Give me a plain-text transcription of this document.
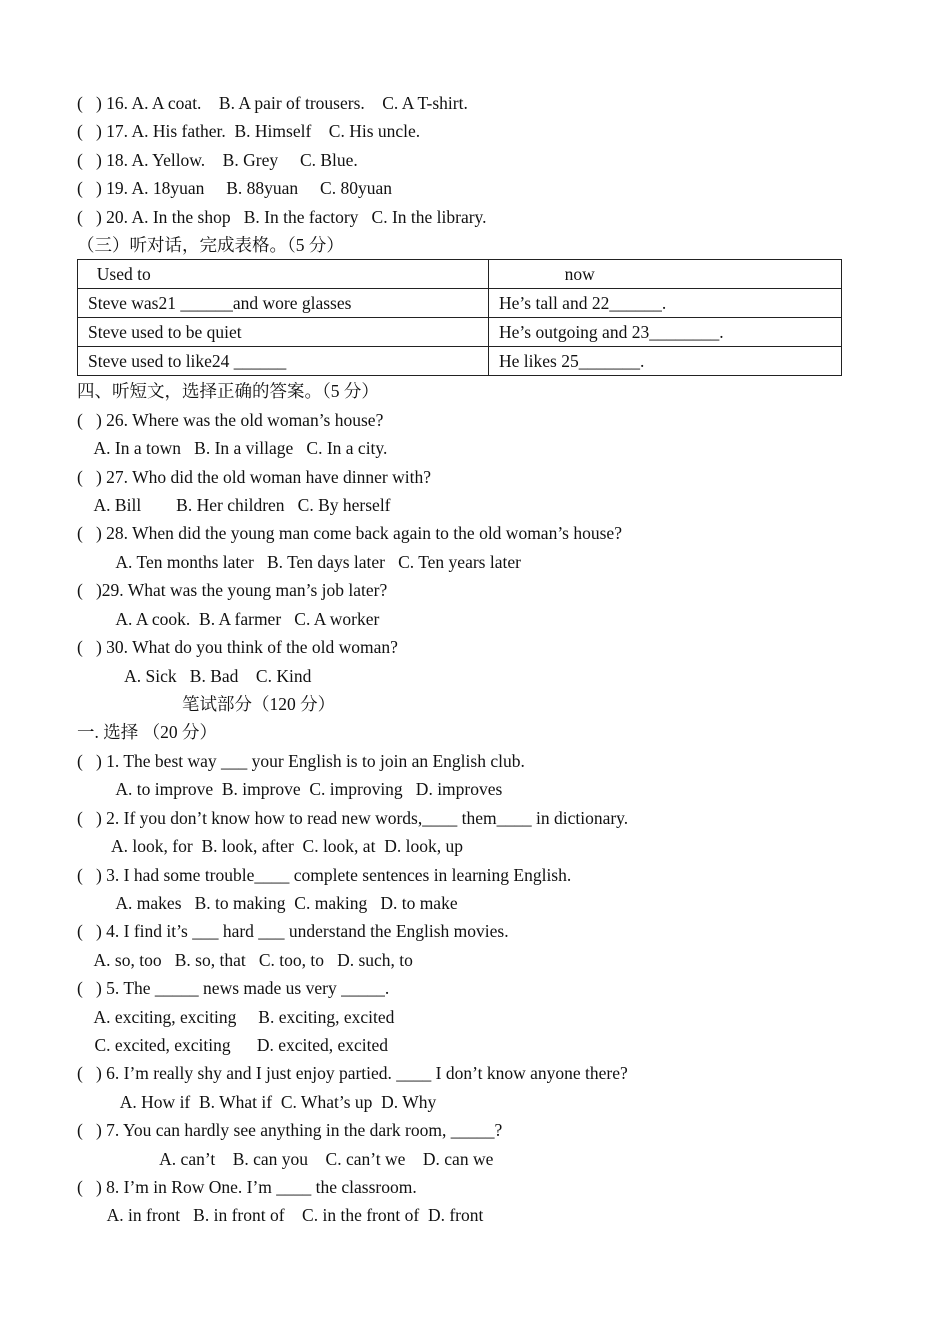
(   ) 16. A. A coat.    B. A pair of trousers.    C. A T-shirt.
(   ) 17. A. His father.  B. Himself    C. His uncle.
(   ) 18. A. Yellow.    B. Grey     C. Blue.
(   ) 19. A. 18yuan     B. 88yuan     C. 80yuan
(   ) 20. A. In the shop   B. In the factory   C. In the library.
（三）听对话，完成表格。（5 分）
Used to	now
Steve was21 ______and wore glasses	He’s tall and 22______.
Steve used to be quiet	He’s outgoing and 23________.
Steve used to like24 ______	He likes 25_______.
四、听短文，选择正确的答案。（5 分）
(   ) 26. Where was the old woman’s house?
A. In a town   B. In a village   C. In a city.
(   ) 27. Who did the old woman have dinner with?
A. Bill        B. Her children   C. By herself
(   ) 28. When did the young man come back again to the old woman’s house?
A. Ten months later   B. Ten days later   C. Ten years later
(   )29. What was the young man’s job later?
A. A cook.  B. A farmer   C. A worker
(   ) 30. What do you think of the old woman?
A. Sick   B. Bad    C. Kind
笔试部分（120 分）
一. 选择 （20 分）
(   ) 1. The best way ___ your English is to join an English club.
A. to improve  B. improve  C. improving   D. improves
(   ) 2. If you don’t know how to read new words,____ them____ in dictionary.
A. look, for  B. look, after  C. look, at  D. look, up
(   ) 3. I had some trouble____ complete sentences in learning English.
A. makes   B. to making  C. making   D. to make
(   ) 4. I find it’s ___ hard ___ understand the English movies.
A. so, too   B. so, that   C. too, to   D. such, to
(   ) 5. The _____ news made us very _____.
A. exciting, exciting     B. exciting, excited
C. excited, exciting      D. excited, excited
(   ) 6. I’m really shy and I just enjoy partied. ____ I don’t know anyone there?
A. How if  B. What if  C. What’s up  D. Why
(   ) 7. You can hardly see anything in the dark room, _____?
A. can’t    B. can you    C. can’t we    D. can we
(   ) 8. I’m in Row One. I’m ____ the classroom.
A. in front   B. in front of    C. in the front of  D. front
